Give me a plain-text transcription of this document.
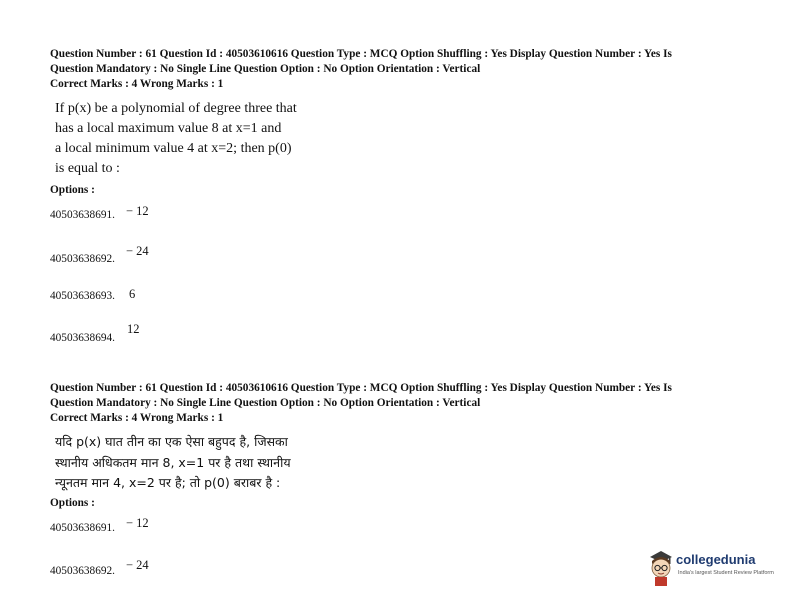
Question Number : 61 Question Id : 40503610616 Question Type : MCQ Option Shuffling : Yes Display Question Number : Yes Is
Question Mandatory : No Single Line Question Option : No Option Orientation : Vertical
Correct Marks : 4 Wrong Marks : 1
If p(x) be a polynomial of degree three that
has a local maximum value 8 at x=1 and
a local minimum value 4 at x=2; then p(0)
is equal to :
Options :
40503638691. − 12
40503638692.
− 24
40503638693. 6
40503638694.
12
Question Number : 61 Question Id : 40503610616 Question Type : MCQ Option Shuffling : Yes Display Question Number : Yes Is
Question Mandatory : No Single Line Question Option : No Option Orientation : Vertical
Correct Marks : 4 Wrong Marks : 1
यदि p(x) घात तीन का एक ऐसा बहुपद है, जिसका
स्थानीय अधिकतम मान 8, x=1 पर है तथा स्थानीय
न्यूनतम मान 4, x=2 पर है; तो p(0) बराबर है :
Options :
40503638691. − 12
40503638692. − 24	collegedunia
India's largest Student Review Platform
